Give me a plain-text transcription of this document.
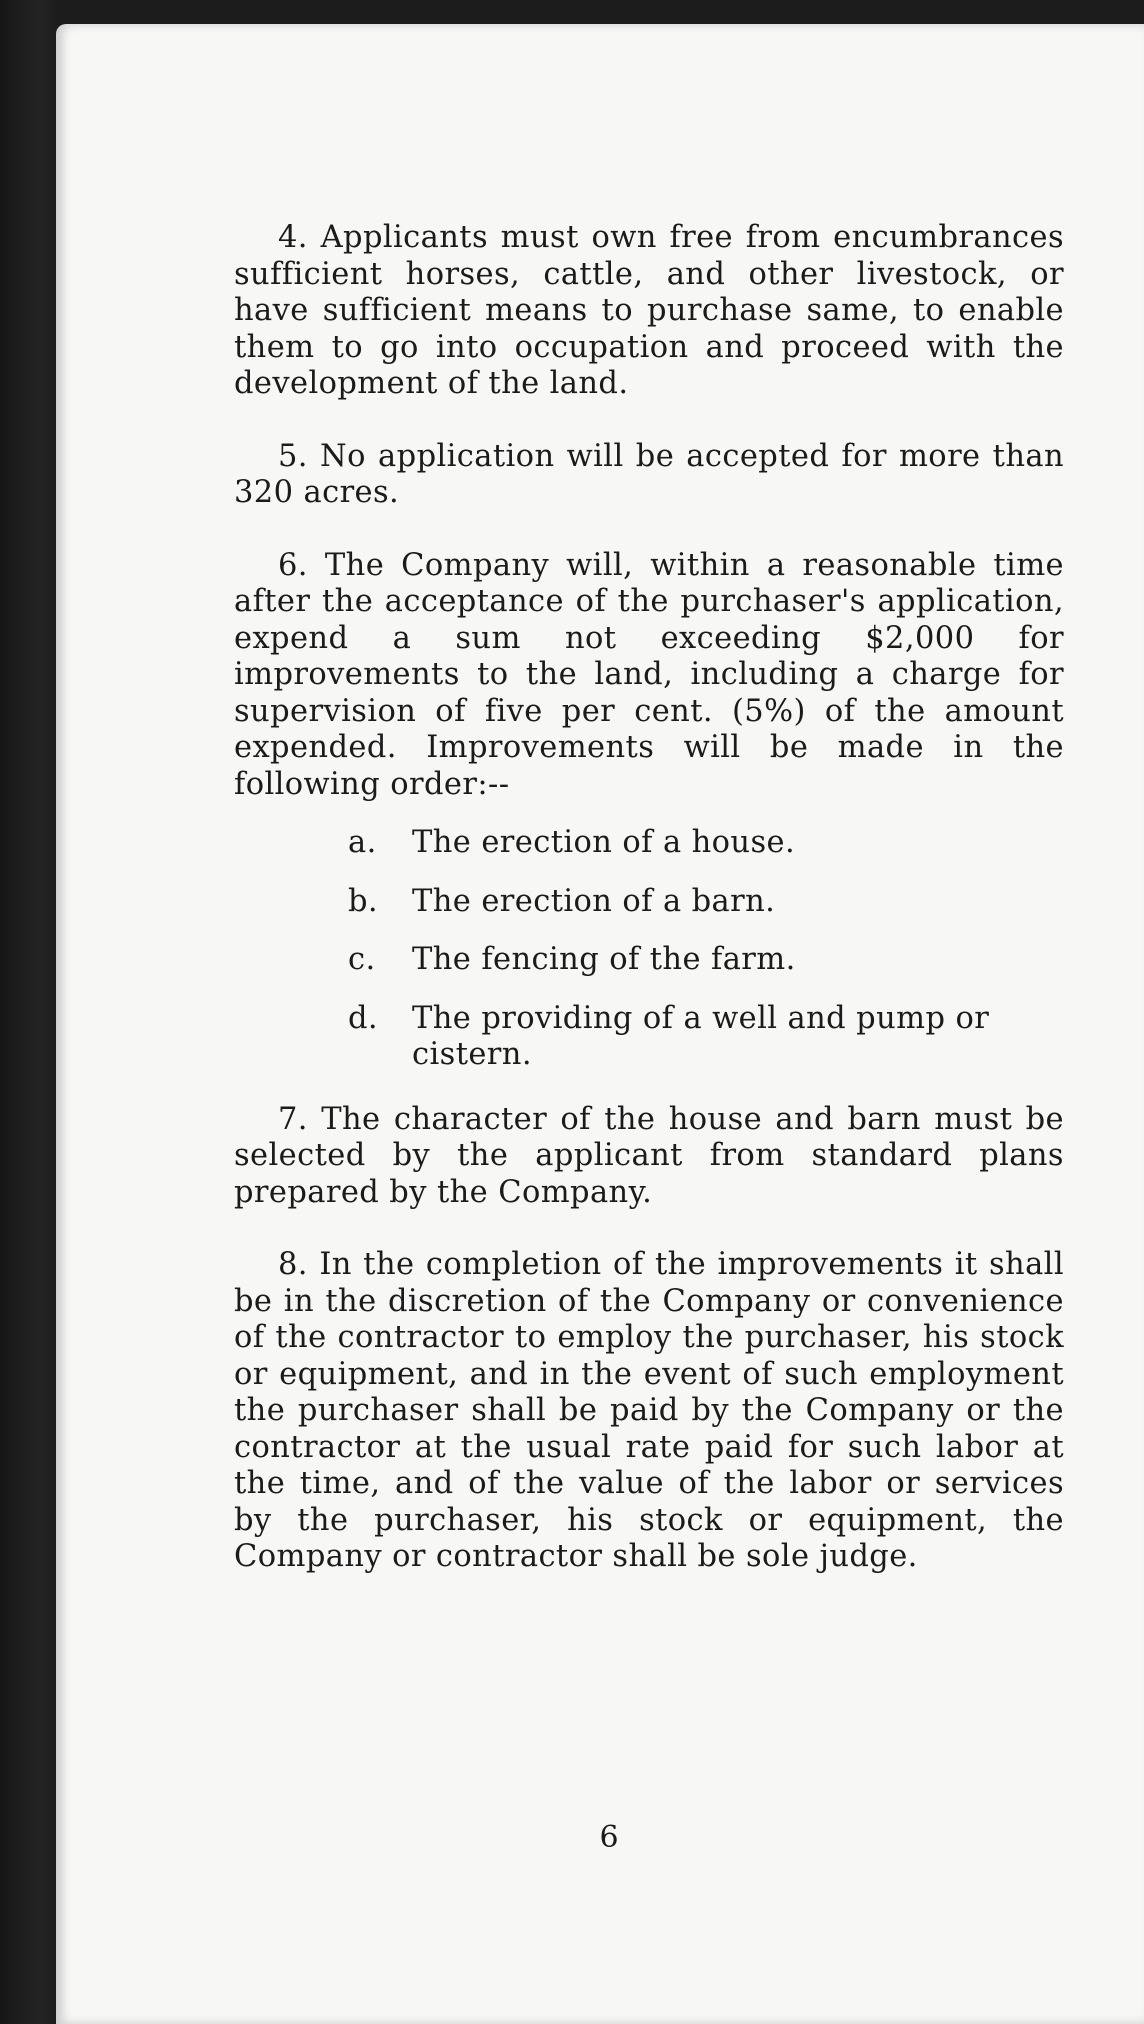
4. Applicants must own free from encumbrances sufficient horses, cattle, and other livestock, or have sufficient means to purchase same, to enable them to go into occupation and proceed with the development of the land.

5. No application will be accepted for more than 320 acres.

6. The Company will, within a reasonable time after the acceptance of the purchaser's application, expend a sum not exceeding $2,000 for improvements to the land, including a charge for supervision of five per cent. (5%) of the amount expended. Improvements will be made in the following order:--

a.	The erection of a house.
b.	The erection of a barn.
c.	The fencing of the farm.
d.	The providing of a well and pump or cistern.

7. The character of the house and barn must be selected by the applicant from standard plans prepared by the Company.

8. In the completion of the improvements it shall be in the discretion of the Company or convenience of the contractor to employ the purchaser, his stock or equipment, and in the event of such employment the purchaser shall be paid by the Company or the contractor at the usual rate paid for such labor at the time, and of the value of the labor or services by the purchaser, his stock or equipment, the Company or contractor shall be sole judge.

6
